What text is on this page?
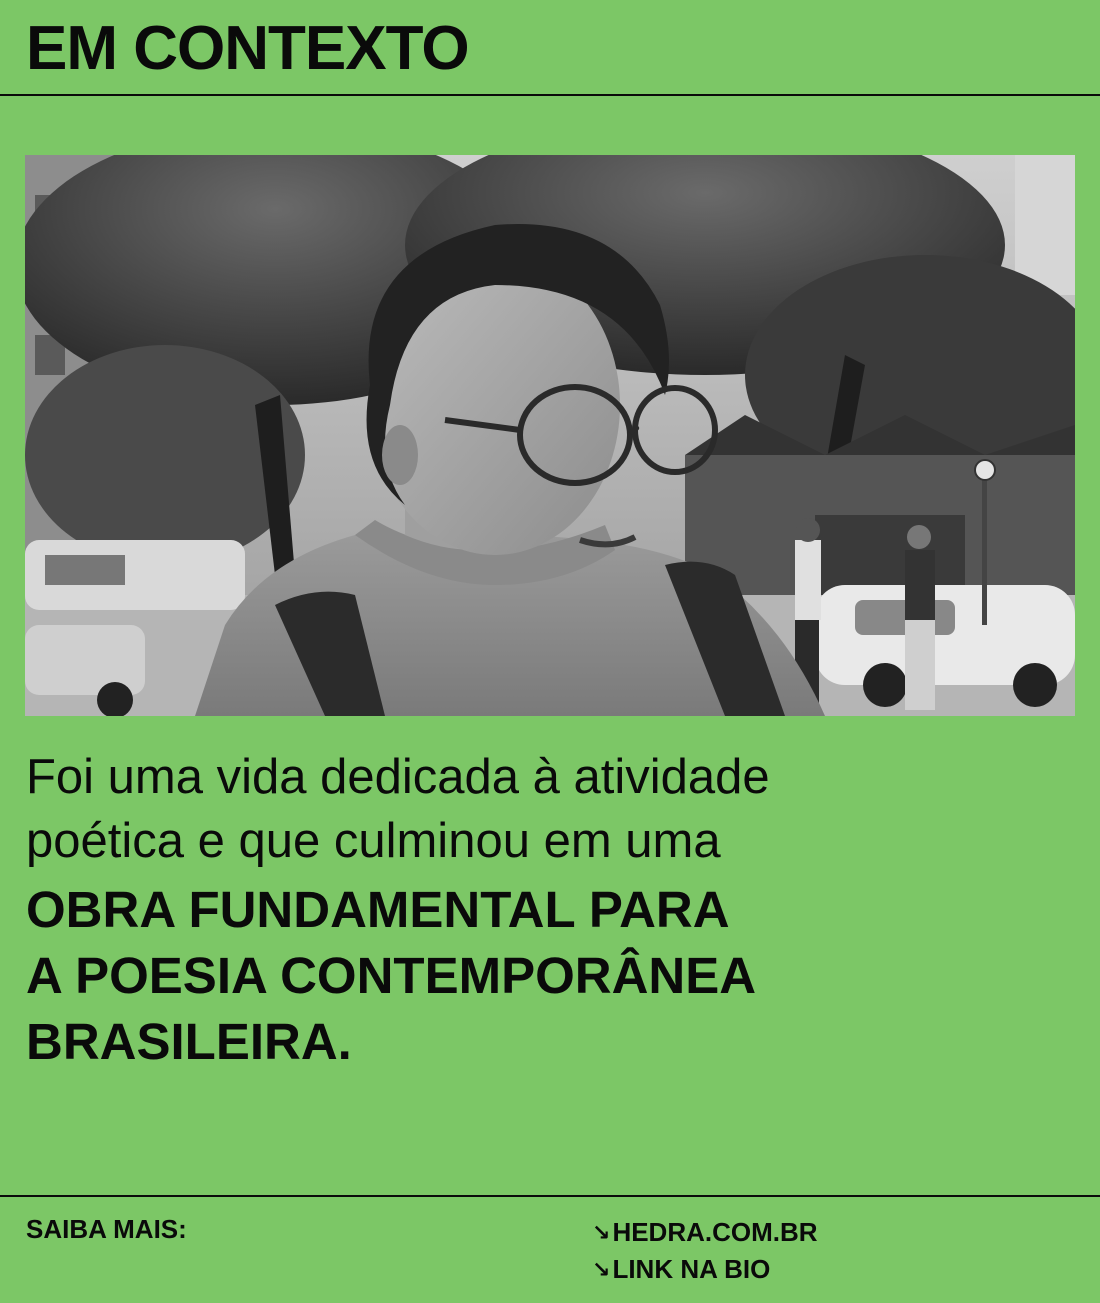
EM CONTEXTO
Foi uma vida dedicada à atividade
poética e que culminou em uma
OBRA FUNDAMENTAL PARA
A POESIA CONTEMPORÂNEA
BRASILEIRA.
SAIBA MAIS:	↘HEDRA.COM.BR
↘LINK NA BIO
